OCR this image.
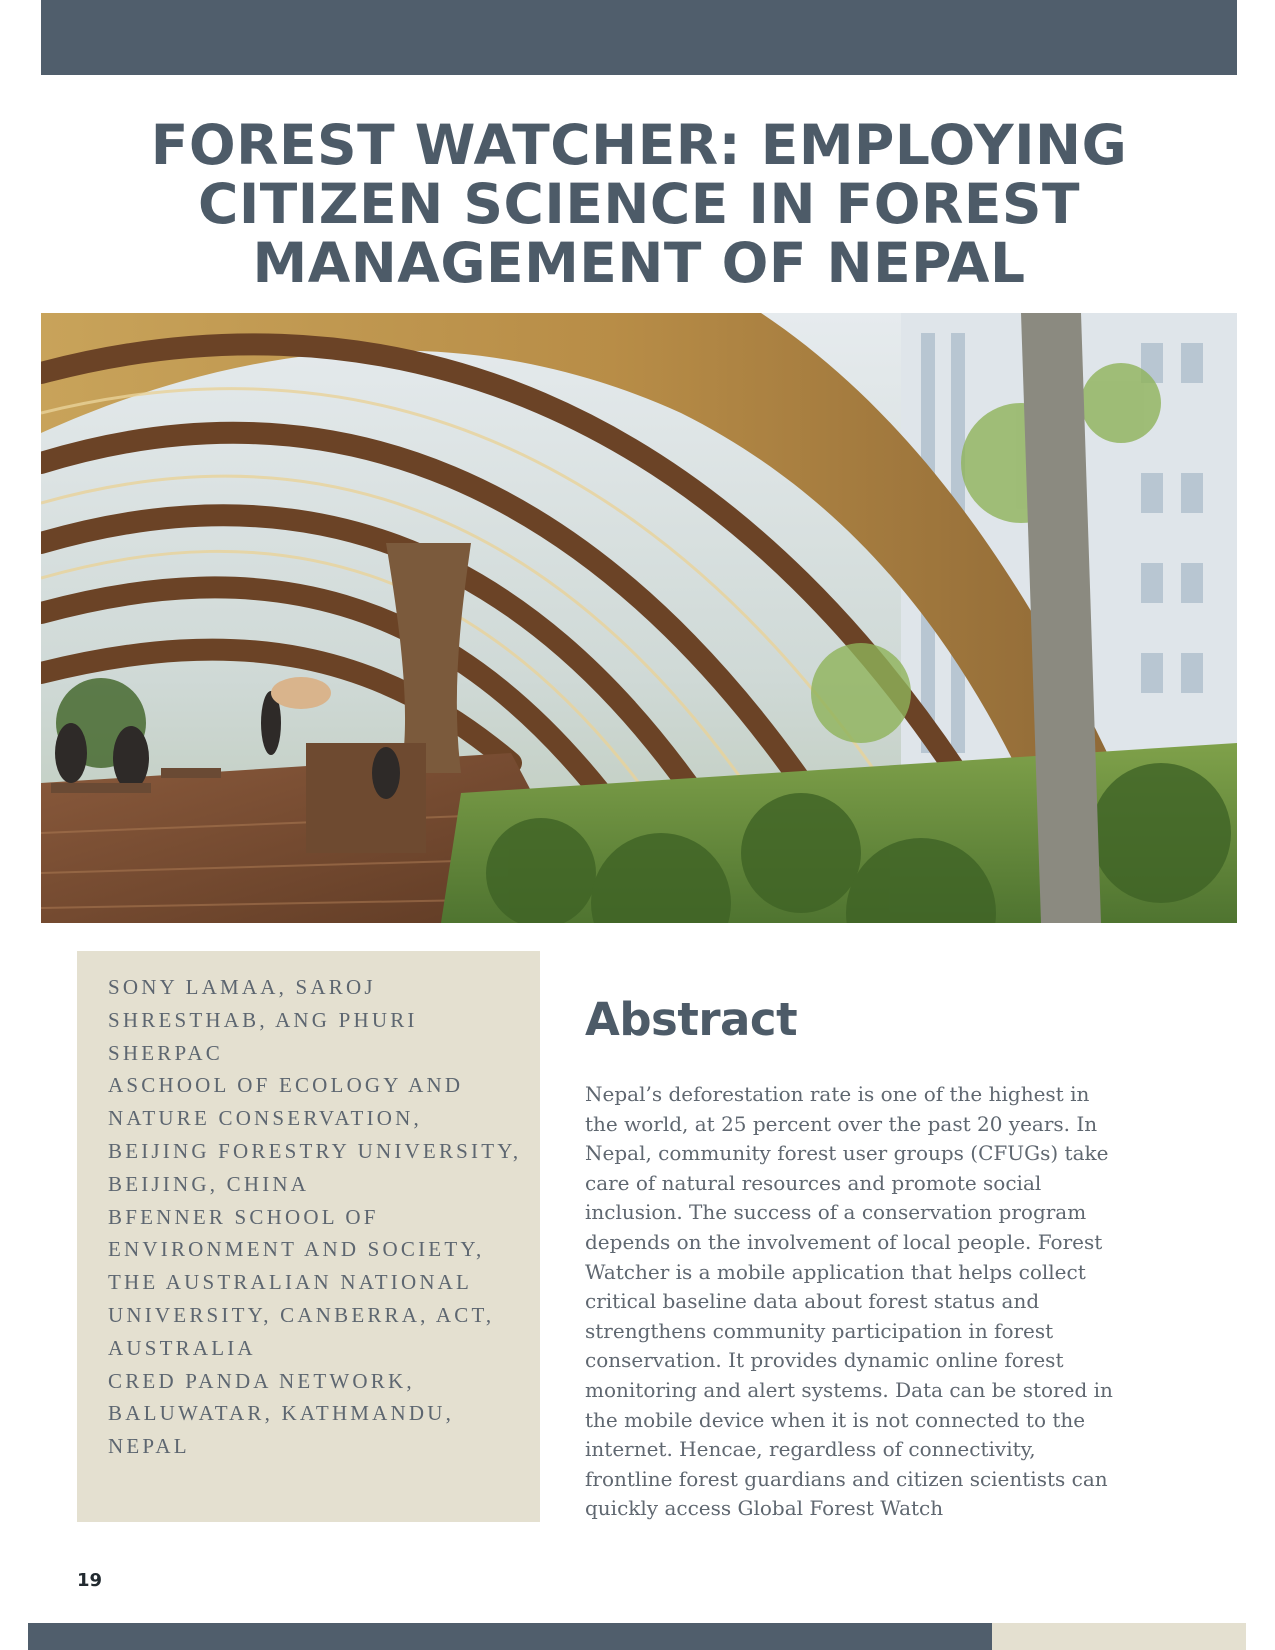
FOREST WATCHER: EMPLOYING
CITIZEN SCIENCE IN FOREST
MANAGEMENT OF NEPAL
SONY LAMAA, SAROJ
SHRESTHAB, ANG PHURI
SHERPAC
ASCHOOL OF ECOLOGY AND
NATURE CONSERVATION,
BEIJING FORESTRY UNIVERSITY,
BEIJING, CHINA
BFENNER SCHOOL OF
ENVIRONMENT AND SOCIETY,
THE AUSTRALIAN NATIONAL
UNIVERSITY, CANBERRA, ACT,
AUSTRALIA
CRED PANDA NETWORK,
BALUWATAR, KATHMANDU,
NEPAL
Abstract
Nepal’s deforestation rate is one of the highest in
the world, at 25 percent over the past 20 years. In
Nepal, community forest user groups (CFUGs) take
care of natural resources and promote social
inclusion. The success of a conservation program
depends on the involvement of local people. Forest
Watcher is a mobile application that helps collect
critical baseline data about forest status and
strengthens community participation in forest
conservation. It provides dynamic online forest
monitoring and alert systems. Data can be stored in
the mobile device when it is not connected to the
internet. Hencae, regardless of connectivity,
frontline forest guardians and citizen scientists can
quickly access Global Forest Watch
19
